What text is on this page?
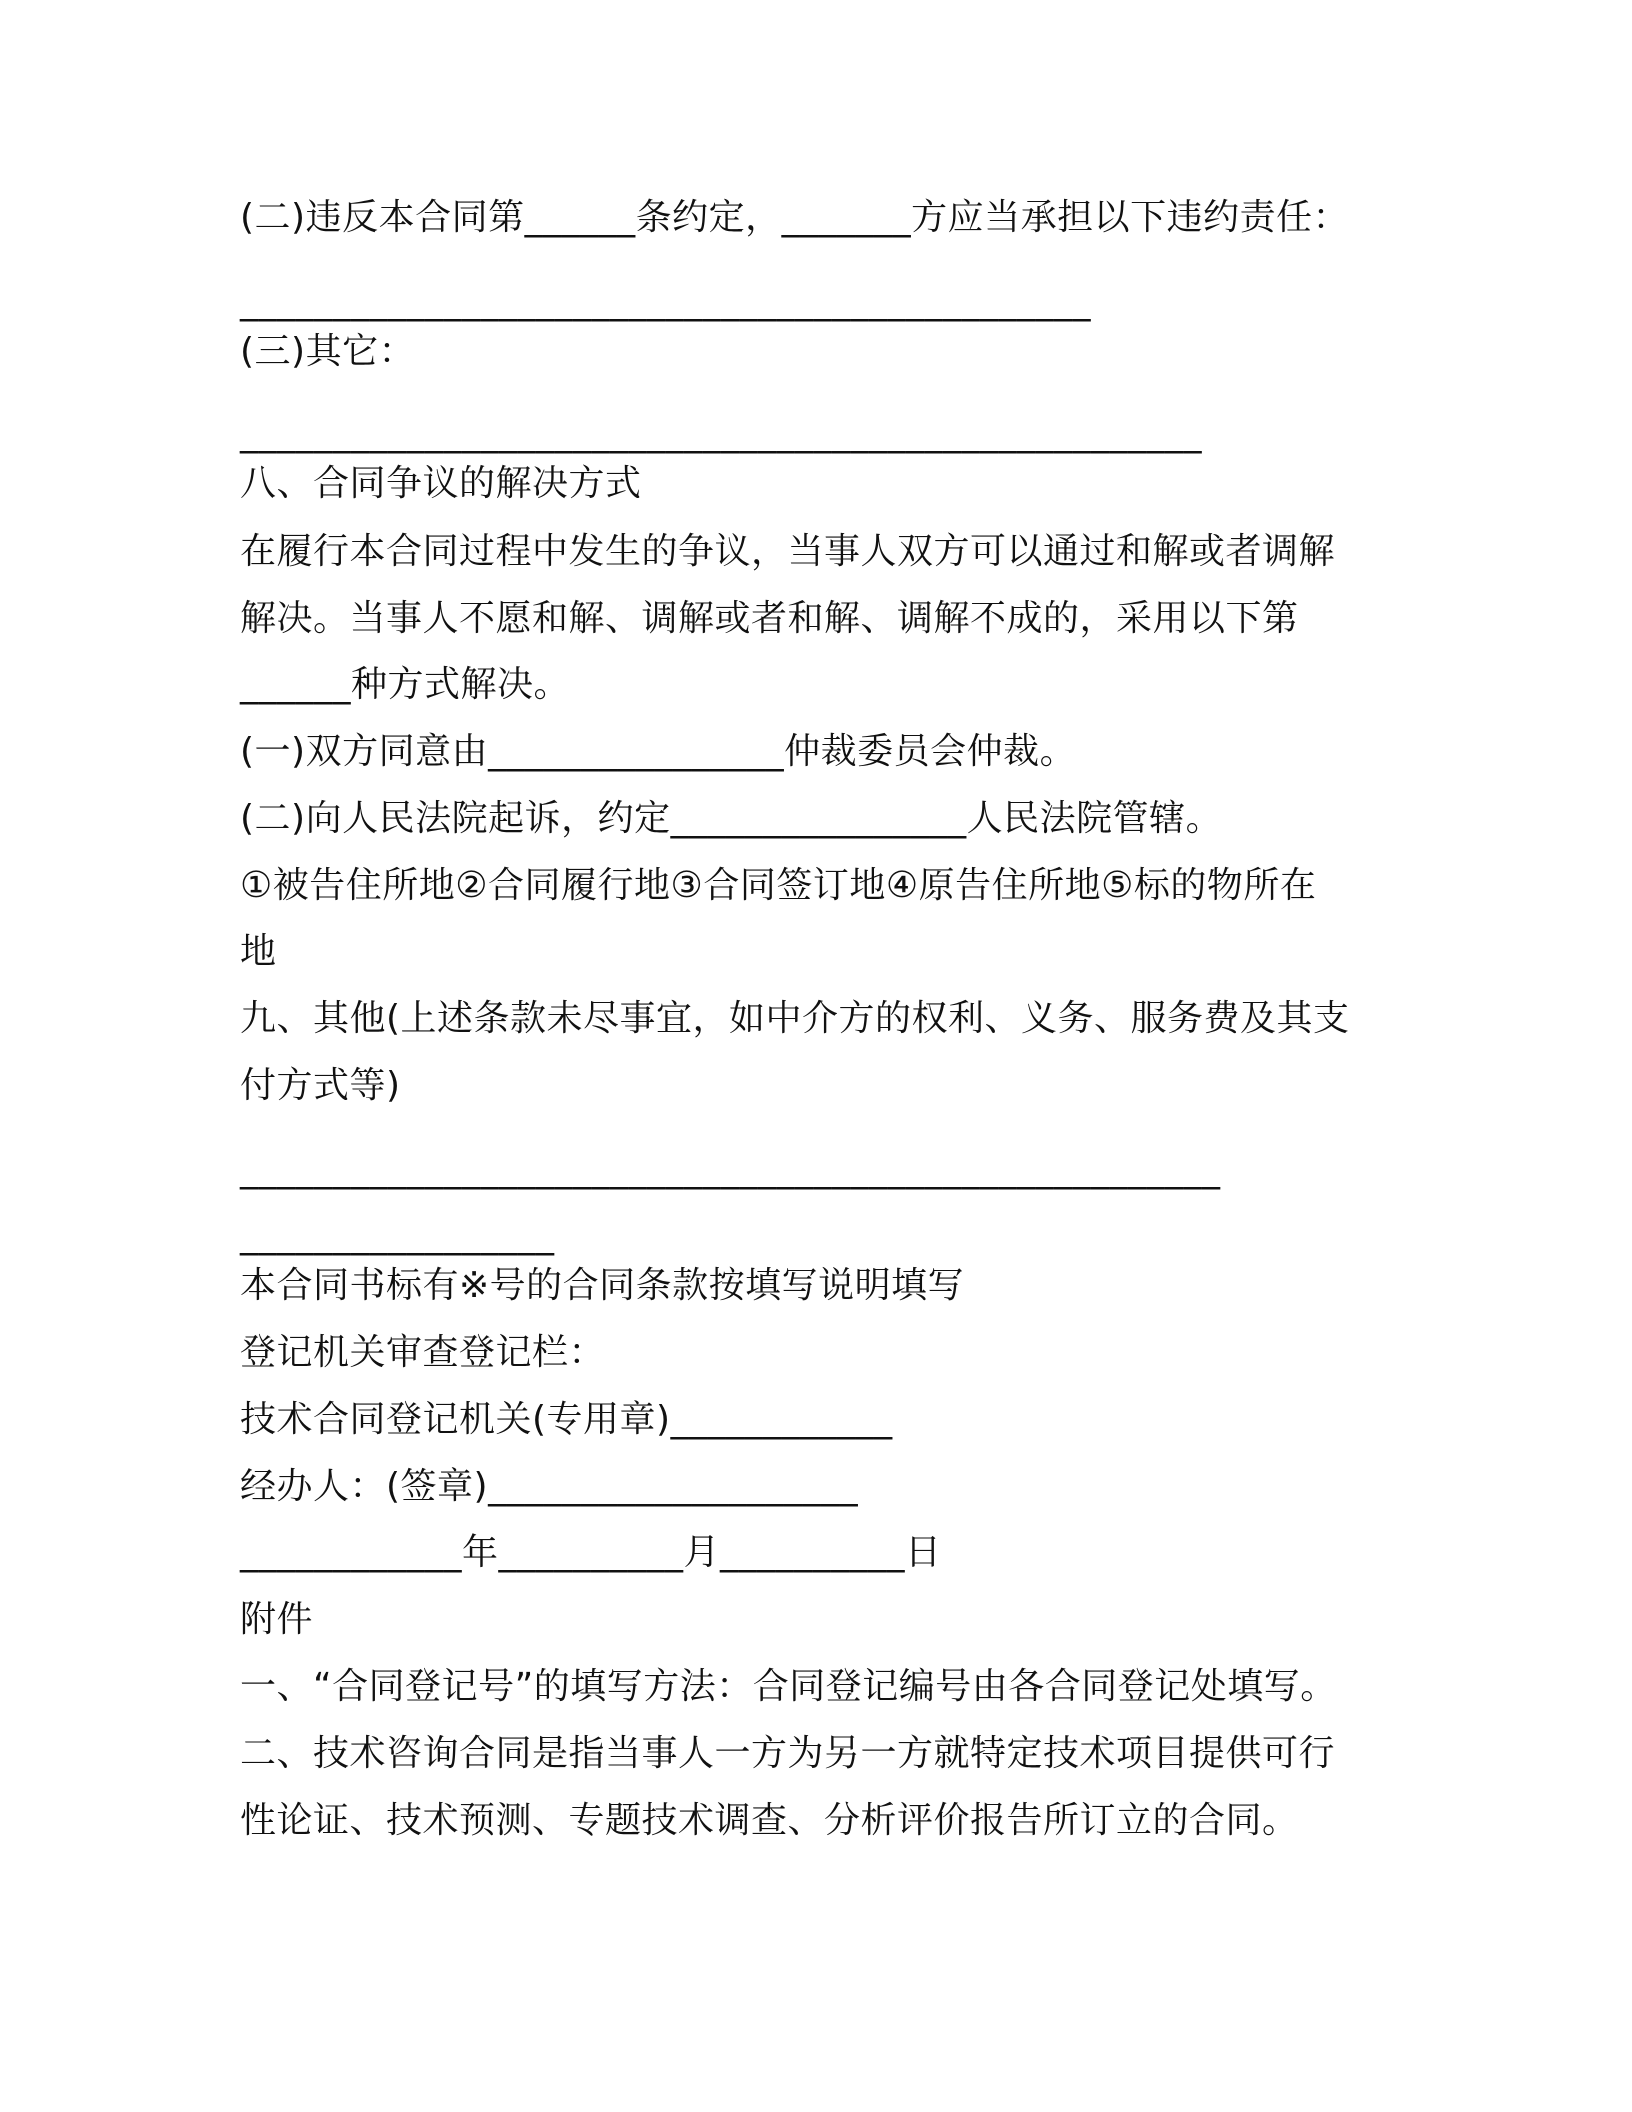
(二)违反本合同第______条约定，_______方应当承担以下违约责任：
______________________________________________
(三)其它：
____________________________________________________
八、合同争议的解决方式
在履行本合同过程中发生的争议，当事人双方可以通过和解或者调解
解决。当事人不愿和解、调解或者和解、调解不成的，采用以下第
______种方式解决。
(一)双方同意由________________仲裁委员会仲裁。
(二)向人民法院起诉，约定________________人民法院管辖。
①被告住所地②合同履行地③合同签订地④原告住所地⑤标的物所在
地
九、其他(上述条款未尽事宜，如中介方的权利、义务、服务费及其支
付方式等)
_____________________________________________________
_________________
本合同书标有※号的合同条款按填写说明填写
登记机关审查登记栏：
技术合同登记机关(专用章)____________
经办人：(签章)____________________
____________年__________月__________日
附件
一、“合同登记号”的填写方法：合同登记编号由各合同登记处填写。
二、技术咨询合同是指当事人一方为另一方就特定技术项目提供可行
性论证、技术预测、专题技术调查、分析评价报告所订立的合同。
